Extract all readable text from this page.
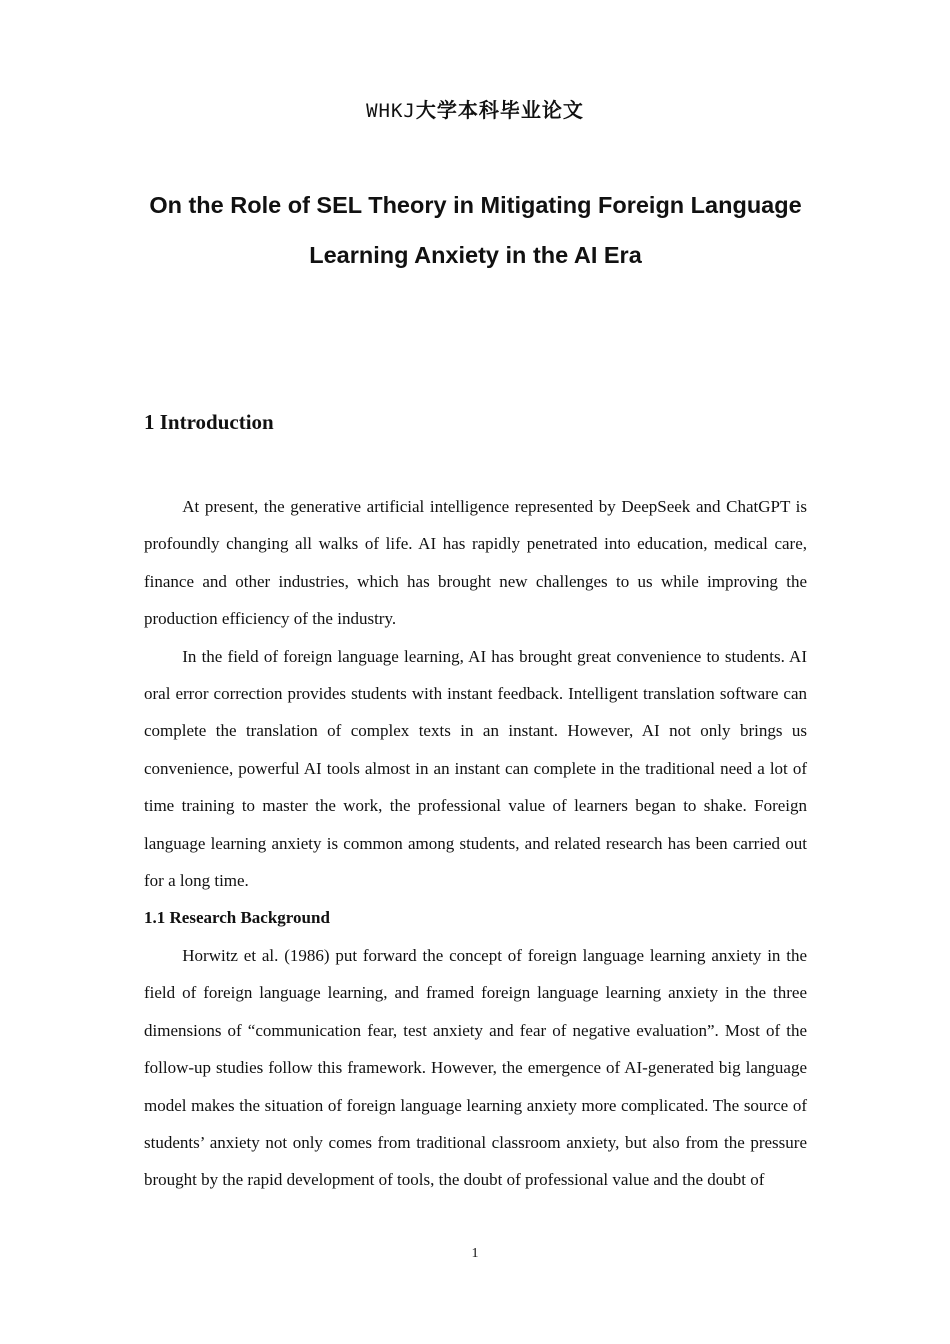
WHKJ大学本科毕业论文
On the Role of SEL Theory in Mitigating Foreign Language
Learning Anxiety in the AI Era
1 Introduction

At present, the generative artificial intelligence represented by DeepSeek and ChatGPT is profoundly changing all walks of life. AI has rapidly penetrated into education, medical care, finance and other industries, which has brought new challenges to us while improving the production efficiency of the industry.

In the field of foreign language learning, AI has brought great convenience to students. AI oral error correction provides students with instant feedback. Intelligent translation software can complete the translation of complex texts in an instant. However, AI not only brings us convenience, powerful AI tools almost in an instant can complete in the traditional need a lot of time training to master the work, the professional value of learners began to shake. Foreign language learning anxiety is common among students, and related research has been carried out for a long time.

1.1 Research Background

Horwitz et al. (1986) put forward the concept of foreign language learning anxiety in the field of foreign language learning, and framed foreign language learning anxiety in the three dimensions of “communication fear, test anxiety and fear of negative evaluation”. Most of the follow-up studies follow this framework. However, the emergence of AI-generated big language model makes the situation of foreign language learning anxiety more complicated. The source of students’ anxiety not only comes from traditional classroom anxiety, but also from the pressure brought by the rapid development of tools, the doubt of professional value and the doubt of

1
